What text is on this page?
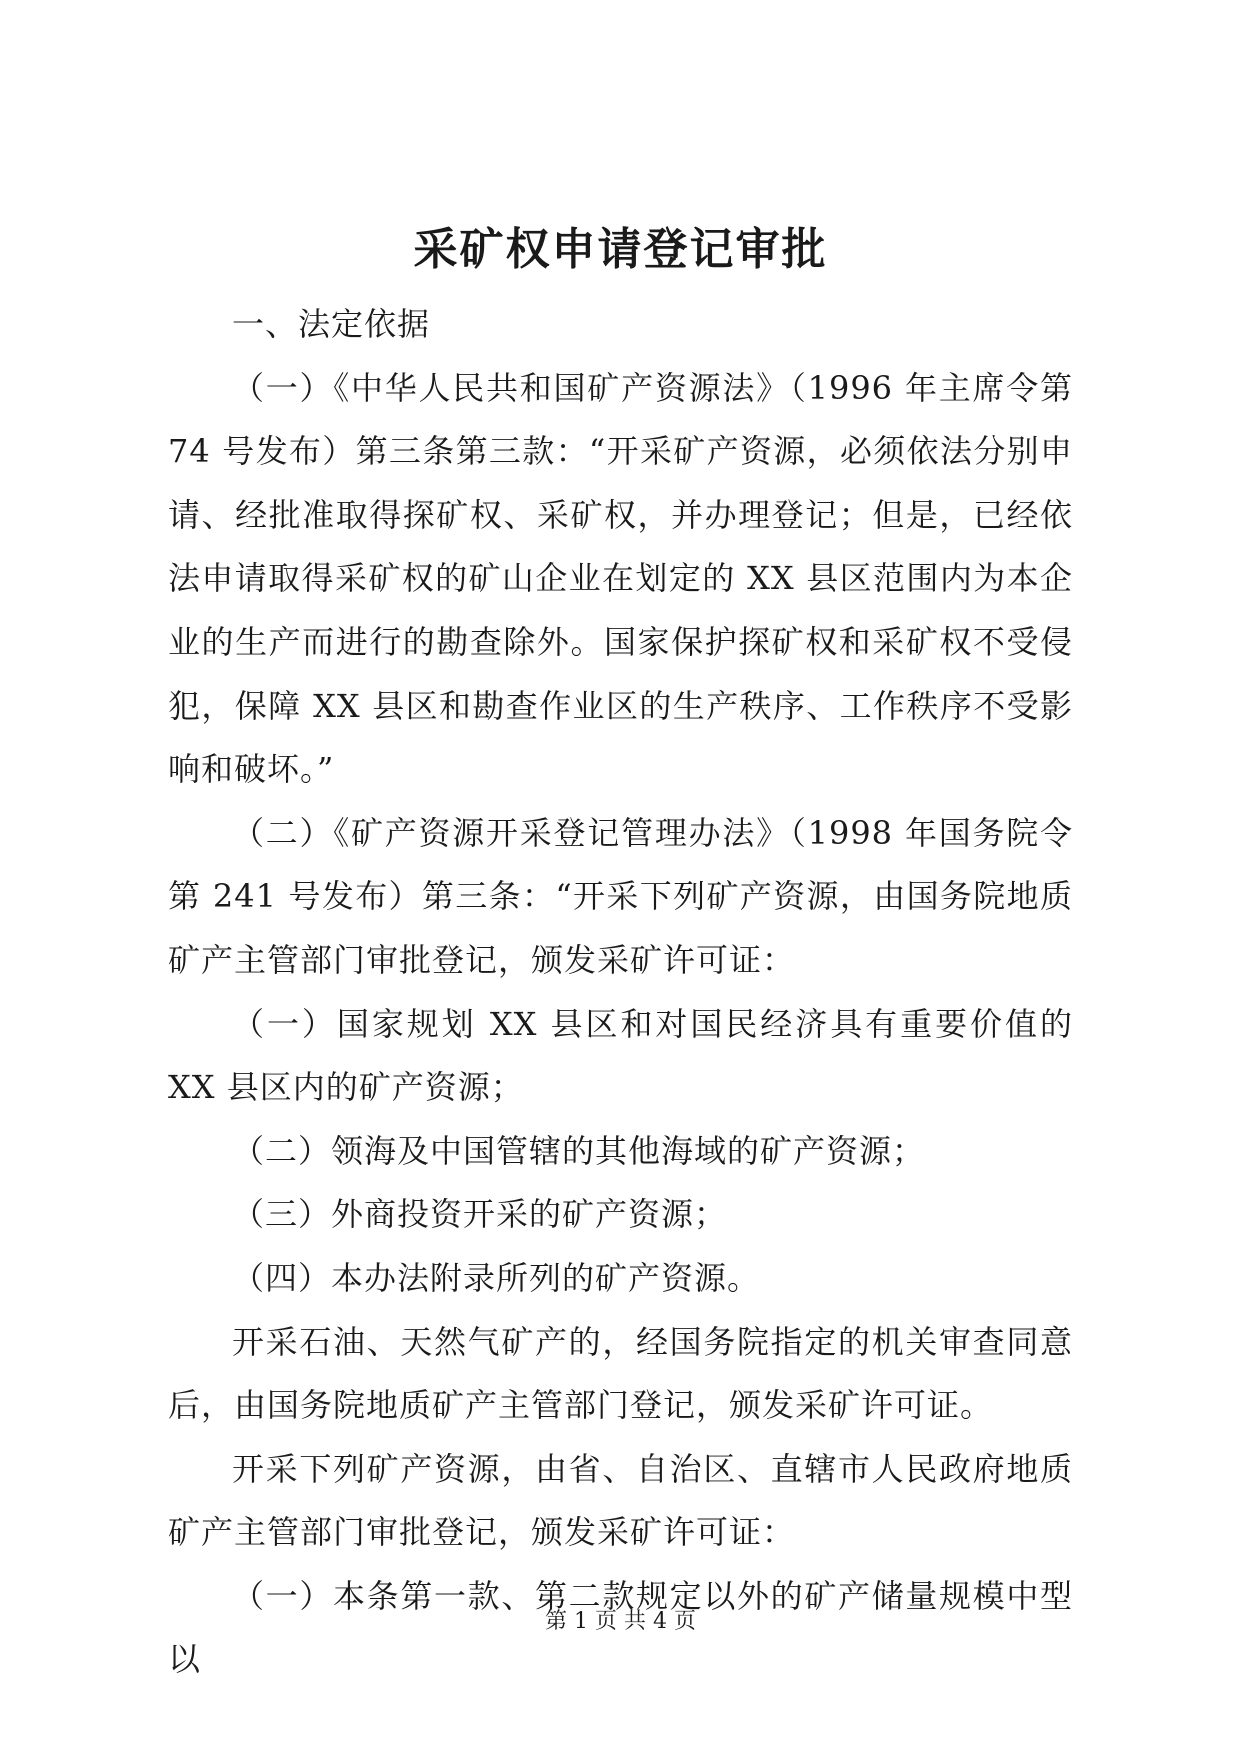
采矿权申请登记审批

一、法定依据

（一）《中华人民共和国矿产资源法》（1996 年主席令第 74 号发布）第三条第三款：“开采矿产资源，必须依法分别申请、经批准取得探矿权、采矿权，并办理登记；但是，已经依法申请取得采矿权的矿山企业在划定的 XX 县区范围内为本企业的生产而进行的勘查除外。国家保护探矿权和采矿权不受侵犯，保障 XX 县区和勘查作业区的生产秩序、工作秩序不受影响和破坏。”

（二）《矿产资源开采登记管理办法》（1998 年国务院令第 241 号发布）第三条：“开采下列矿产资源，由国务院地质矿产主管部门审批登记，颁发采矿许可证：

（一）国家规划 XX 县区和对国民经济具有重要价值的 XX 县区内的矿产资源；

（二）领海及中国管辖的其他海域的矿产资源；

（三）外商投资开采的矿产资源；

（四）本办法附录所列的矿产资源。

开采石油、天然气矿产的，经国务院指定的机关审查同意后，由国务院地质矿产主管部门登记，颁发采矿许可证。

开采下列矿产资源，由省、自治区、直辖市人民政府地质矿产主管部门审批登记，颁发采矿许可证：

（一）本条第一款、第二款规定以外的矿产储量规模中型以

第 1 页 共 4 页
